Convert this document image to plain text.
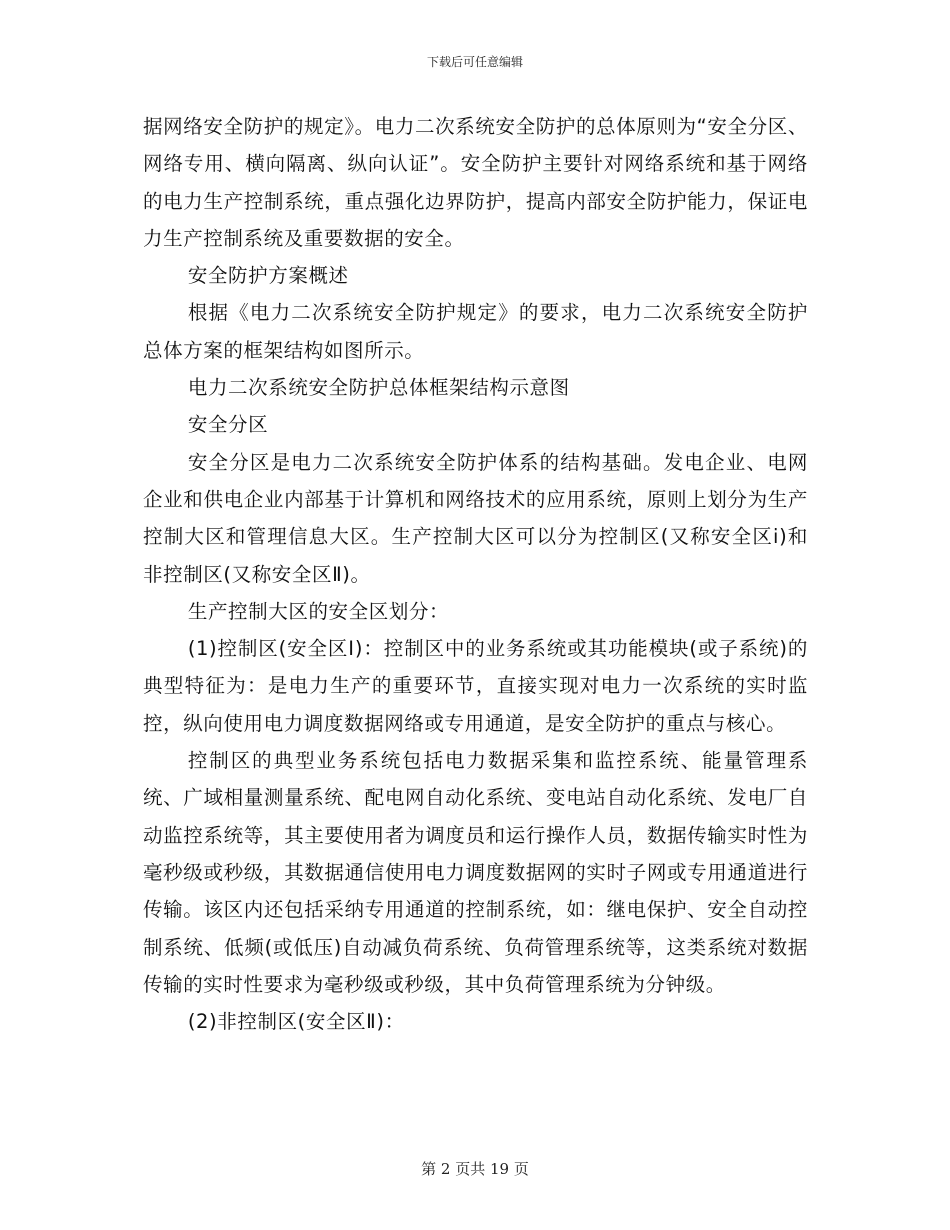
下载后可任意编辑

据网络安全防护的规定》。电力二次系统安全防护的总体原则为“安全分区、网络专用、横向隔离、纵向认证”。安全防护主要针对网络系统和基于网络的电力生产控制系统，重点强化边界防护，提高内部安全防护能力，保证电力生产控制系统及重要数据的安全。

安全防护方案概述

根据《电力二次系统安全防护规定》的要求，电力二次系统安全防护总体方案的框架结构如图所示。

电力二次系统安全防护总体框架结构示意图

安全分区

安全分区是电力二次系统安全防护体系的结构基础。发电企业、电网企业和供电企业内部基于计算机和网络技术的应用系统，原则上划分为生产控制大区和管理信息大区。生产控制大区可以分为控制区(又称安全区i)和非控制区(又称安全区Ⅱ)。

生产控制大区的安全区划分：

(1)控制区(安全区Ⅰ)：控制区中的业务系统或其功能模块(或子系统)的典型特征为：是电力生产的重要环节，直接实现对电力一次系统的实时监控，纵向使用电力调度数据网络或专用通道，是安全防护的重点与核心。

控制区的典型业务系统包括电力数据采集和监控系统、能量管理系统、广域相量测量系统、配电网自动化系统、变电站自动化系统、发电厂自动监控系统等，其主要使用者为调度员和运行操作人员，数据传输实时性为毫秒级或秒级，其数据通信使用电力调度数据网的实时子网或专用通道进行传输。该区内还包括采纳专用通道的控制系统，如：继电保护、安全自动控制系统、低频(或低压)自动减负荷系统、负荷管理系统等，这类系统对数据传输的实时性要求为毫秒级或秒级，其中负荷管理系统为分钟级。

(2)非控制区(安全区Ⅱ)：

第 2 页共 19 页
